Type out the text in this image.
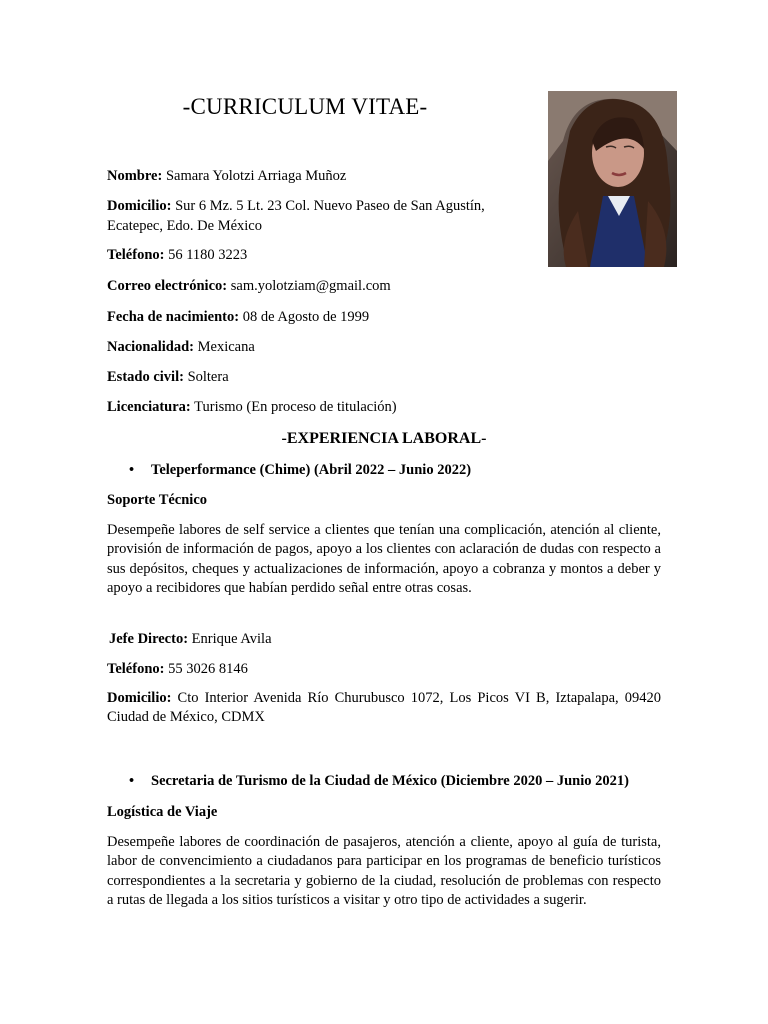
-CURRICULUM VITAE-
Nombre: Samara Yolotzi Arriaga Muñoz
Domicilio: Sur 6 Mz. 5 Lt. 23 Col. Nuevo Paseo de San Agustín, Ecatepec, Edo. De México
Teléfono: 56 1180 3223
Correo electrónico: sam.yolotziam@gmail.com
Fecha de nacimiento: 08 de Agosto de 1999
Nacionalidad: Mexicana
Estado civil: Soltera
Licenciatura: Turismo (En proceso de titulación)
-EXPERIENCIA LABORAL-
• Teleperformance (Chime) (Abril 2022 – Junio 2022)
Soporte Técnico
Desempeñe labores de self service a clientes que tenían una complicación, atención al cliente, provisión de información de pagos, apoyo a los clientes con aclaración de dudas con respecto a sus depósitos, cheques y actualizaciones de información, apoyo a cobranza y montos a deber y apoyo a recibidores que habían perdido señal entre otras cosas.
Jefe Directo: Enrique Avila
Teléfono: 55 3026 8146
Domicilio: Cto Interior Avenida Río Churubusco 1072, Los Picos VI B, Iztapalapa, 09420 Ciudad de México, CDMX
• Secretaria de Turismo de la Ciudad de México (Diciembre 2020 – Junio 2021)
Logística de Viaje
Desempeñe labores de coordinación de pasajeros, atención a cliente, apoyo al guía de turista, labor de convencimiento a ciudadanos para participar en los programas de beneficio turísticos correspondientes a la secretaria y gobierno de la ciudad, resolución de problemas con respecto a rutas de llegada a los sitios turísticos a visitar y otro tipo de actividades a sugerir.
